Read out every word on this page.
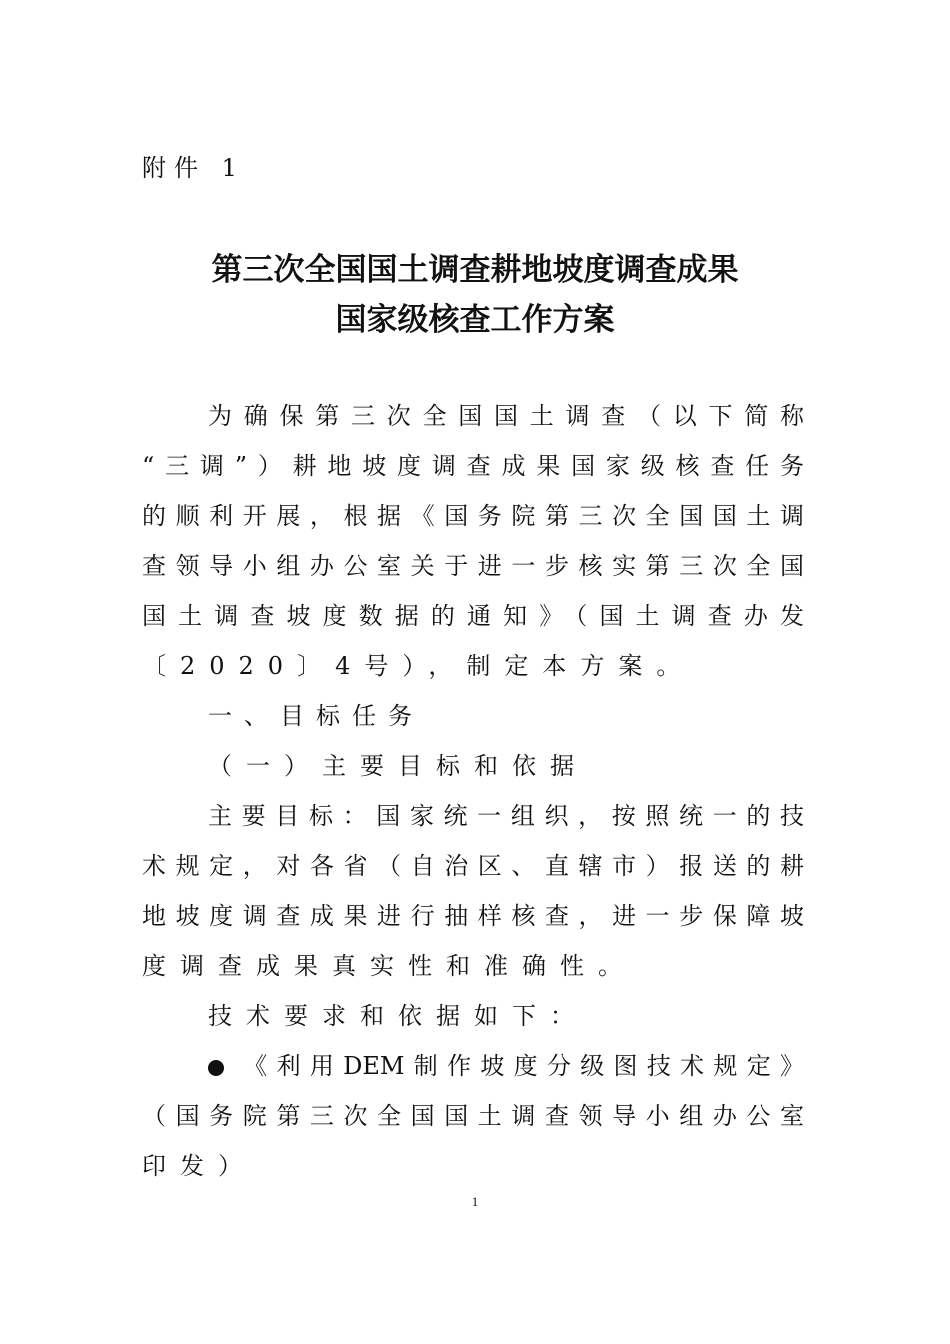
附件 1
第三次全国国土调查耕地坡度调查成果
国家级核查工作方案
为确保第三次全国国土调查（以下简称
“三调”）耕地坡度调查成果国家级核查任务
的顺利开展，根据《国务院第三次全国国土调
查领导小组办公室关于进一步核实第三次全国
国土调查坡度数据的通知》（国土调查办发
〔2020〕4号），制定本方案。
一、目标任务
（一）主要目标和依据
主要目标：国家统一组织，按照统一的技
术规定，对各省（自治区、直辖市）报送的耕
地坡度调查成果进行抽样核查，进一步保障坡
度调查成果真实性和准确性。
技术要求和依据如下：
《利用DEM制作坡度分级图技术规定》
（国务院第三次全国国土调查领导小组办公室
印发）
1
